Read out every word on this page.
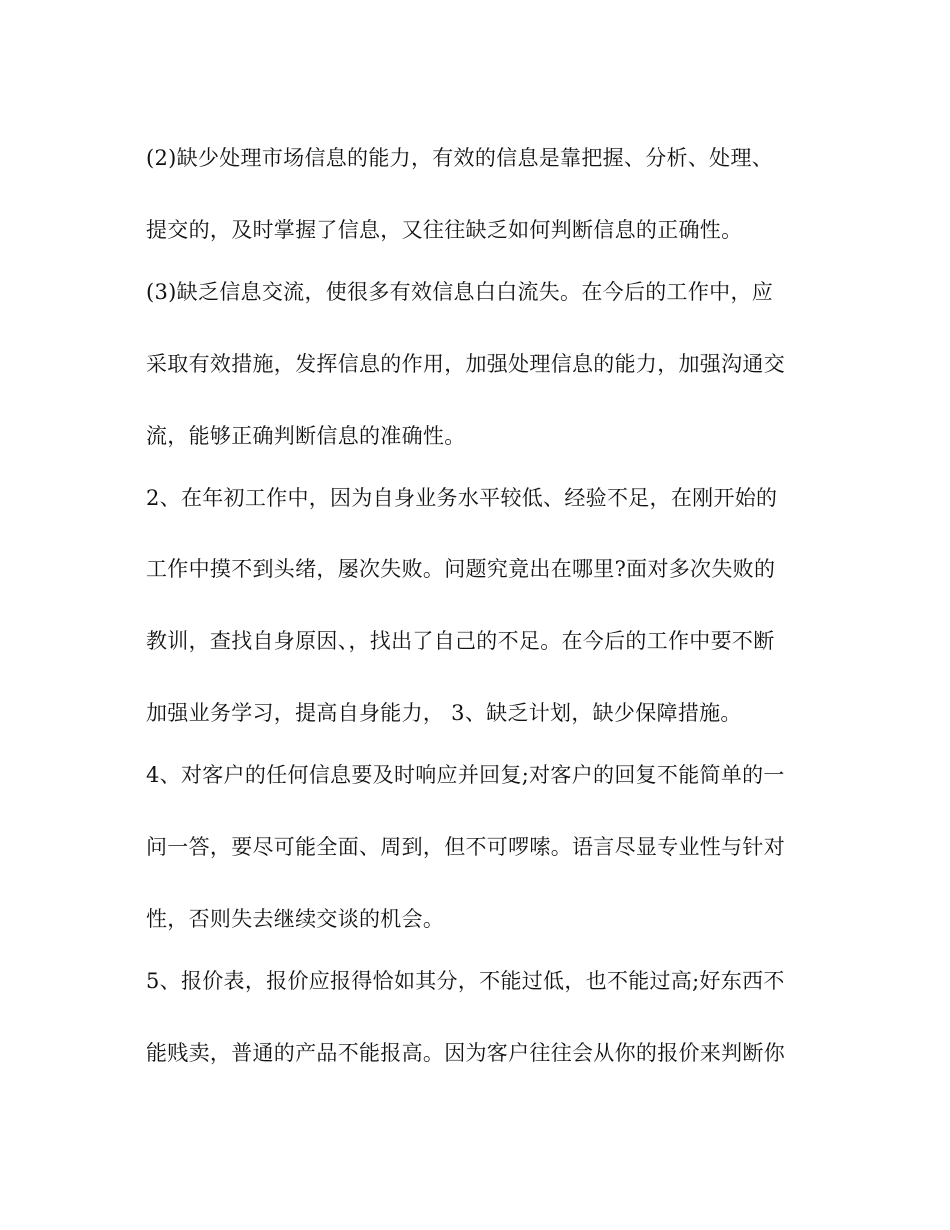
(2)缺少处理市场信息的能力，有效的信息是靠把握、分析、处理、
提交的，及时掌握了信息，又往往缺乏如何判断信息的正确性。
(3)缺乏信息交流，使很多有效信息白白流失。在今后的工作中，应
采取有效措施，发挥信息的作用，加强处理信息的能力，加强沟通交
流，能够正确判断信息的准确性。
2、在年初工作中，因为自身业务水平较低、经验不足，在刚开始的
工作中摸不到头绪，屡次失败。问题究竟出在哪里?面对多次失败的
教训，查找自身原因、，找出了自己的不足。在今后的工作中要不断
加强业务学习，提高自身能力， 3、缺乏计划，缺少保障措施。
4、对客户的任何信息要及时响应并回复;对客户的回复不能简单的一
问一答，要尽可能全面、周到，但不可啰嗦。语言尽显专业性与针对
性，否则失去继续交谈的机会。
5、报价表，报价应报得恰如其分，不能过低，也不能过高;好东西不
能贱卖，普通的产品不能报高。因为客户往往会从你的报价来判断你
